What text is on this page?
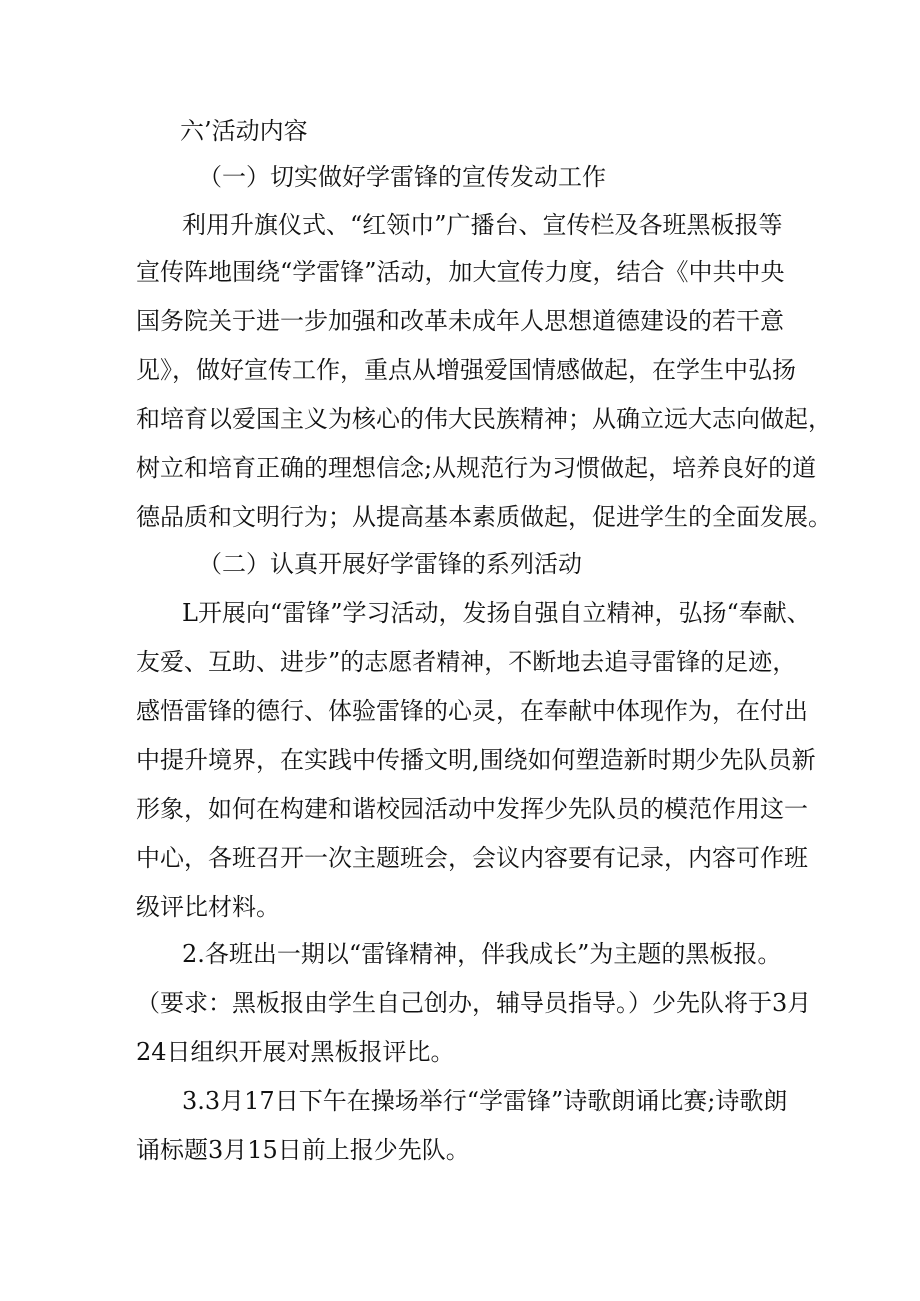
六’活动内容
（一）切实做好学雷锋的宣传发动工作
利用升旗仪式、“红领巾”广播台、宣传栏及各班黑板报等
宣传阵地围绕“学雷锋”活动，加大宣传力度，结合《中共中央
国务院关于进一步加强和改革未成年人思想道德建设的若干意
见》，做好宣传工作，重点从增强爱国情感做起，在学生中弘扬
和培育以爱国主义为核心的伟大民族精神；从确立远大志向做起，
树立和培育正确的理想信念;从规范行为习惯做起，培养良好的道
德品质和文明行为；从提高基本素质做起，促进学生的全面发展。
（二）认真开展好学雷锋的系列活动
L开展向“雷锋”学习活动，发扬自强自立精神，弘扬“奉献、
友爱、互助、进步”的志愿者精神，不断地去追寻雷锋的足迹，
感悟雷锋的德行、体验雷锋的心灵，在奉献中体现作为，在付出
中提升境界，在实践中传播文明,围绕如何塑造新时期少先队员新
形象，如何在构建和谐校园活动中发挥少先队员的模范作用这一
中心，各班召开一次主题班会，会议内容要有记录，内容可作班
级评比材料。
2.各班出一期以“雷锋精神，伴我成长”为主题的黑板报。
（要求：黑板报由学生自己创办，辅导员指导。）少先队将于3月
24日组织开展对黑板报评比。
3.3月17日下午在操场举行“学雷锋”诗歌朗诵比赛;诗歌朗
诵标题3月15日前上报少先队。
